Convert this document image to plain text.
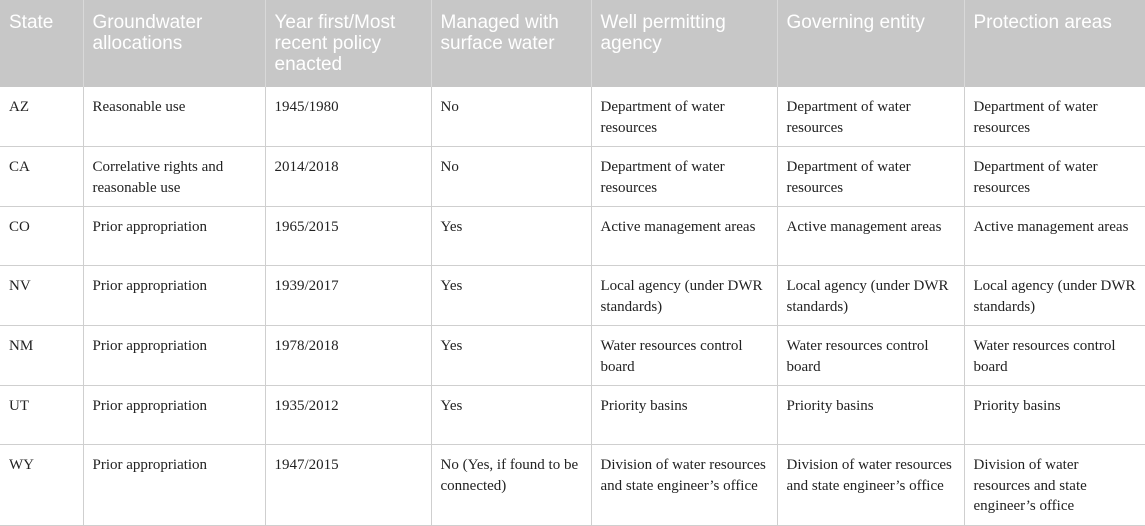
State	Groundwater allocations	Year first/Most recent policy enacted	Managed with surface water	Well permitting agency	Governing entity	Protection areas
AZ	Reasonable use	1945/1980	No	Department of water resources	Department of water resources	Department of water resources
CA	Correlative rights and reasonable use	2014/2018	No	Department of water resources	Department of water resources	Department of water resources
CO	Prior appropriation	1965/2015	Yes	Active management areas	Active management areas	Active management areas
NV	Prior appropriation	1939/2017	Yes	Local agency (under DWR standards)	Local agency (under DWR standards)	Local agency (under DWR standards)
NM	Prior appropriation	1978/2018	Yes	Water resources control board	Water resources control board	Water resources control board
UT	Prior appropriation	1935/2012	Yes	Priority basins	Priority basins	Priority basins
WY	Prior appropriation	1947/2015	No (Yes, if found to be connected)	Division of water resources and state engineer’s office	Division of water resources and state engineer’s office	Division of water resources and state engineer’s office
